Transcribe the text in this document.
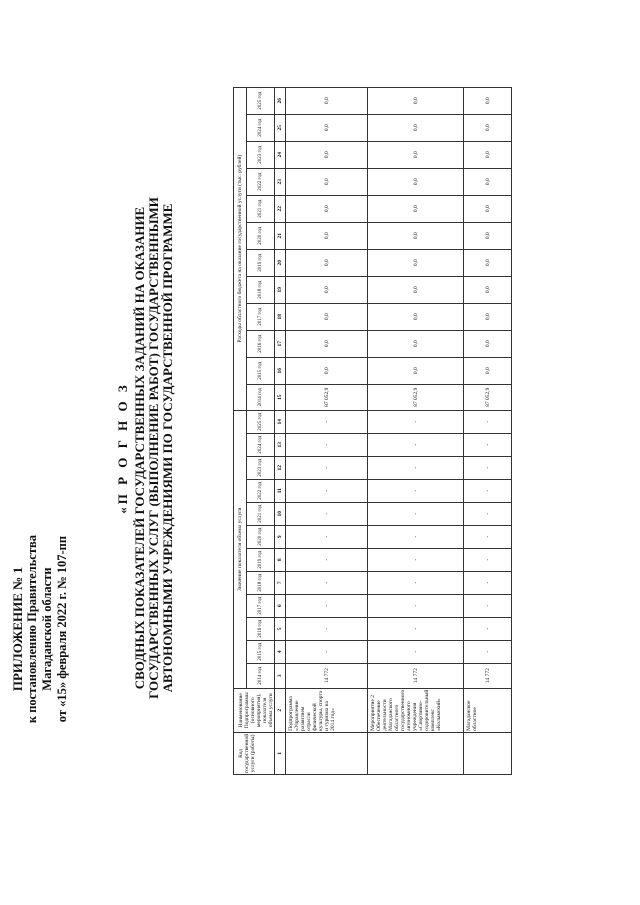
ПРИЛОЖЕНИЕ № 1 к постановлению Правительства Магаданской области от «15» февраля 2022 г. № 107-пп
«П Р О Г Н О З СВОДНЫХ ПОКАЗАТЕЛЕЙ ГОСУДАРСТВЕННЫХ ЗАДАНИЙ НА ОКАЗАНИЕ ГОСУДАРСТВЕННЫХ УСЛУГ (ВЫПОЛНЕНИЕ РАБОТ) ГОСУДАРСТВЕННЫМИ АВТОНОМНЫМИ УЧРЕЖДЕНИЯМИ ПО ГОСУДАРСТВЕННОЙ ПРОГРАММЕ
Код государственной услуги (работы)	Наименование Подпрограммы (основного мероприятия), показателя объема услуги	Значение показателя объема услуги												Расходы областного бюджета на оказание государственной услуги (тыс. рублей)											
		2014 год	2015 год	2016 год	2017 год	2018 год	2019 год	2020 год	2021 год	2022 год	2023 год	2024 год	2025 год	2014 год	2015 год	2016 год	2017 год	2018 год	2019 год	2020 год	2021 год	2022 год	2023 год	2024 год	2025 год
1	2	3	4	5	6	7	8	9	10	11	12	13	14	15	16	17	18	19	20	21	22	23	24	25	26
	Подпрограмма «Управление развитием отрасли физической культуры, спорта и туризма на 2014 год»	14 772	-	-	-	-	-	-	-	-	-	-	-	87 052,9	0,0	0,0	0,0	0,0	0,0	0,0	0,0	0,0	0,0	0,0	0,0
	Мероприятие 2 Обеспечение деятельности Магаданского областного государственного автономного учреждения «Спортивно-оздоровительный комплекс «Колымский»	14 772	-	-	-	-	-	-	-	-	-	-	-	87 052,9	0,0	0,0	0,0	0,0	0,0	0,0	0,0	0,0	0,0	0,0	0,0
	Магаданское областное	14 772	-	-	-	-	-	-	-	-	-	-	-	87 052,9	0,0	0,0	0,0	0,0	0,0	0,0	0,0	0,0	0,0	0,0	0,0
